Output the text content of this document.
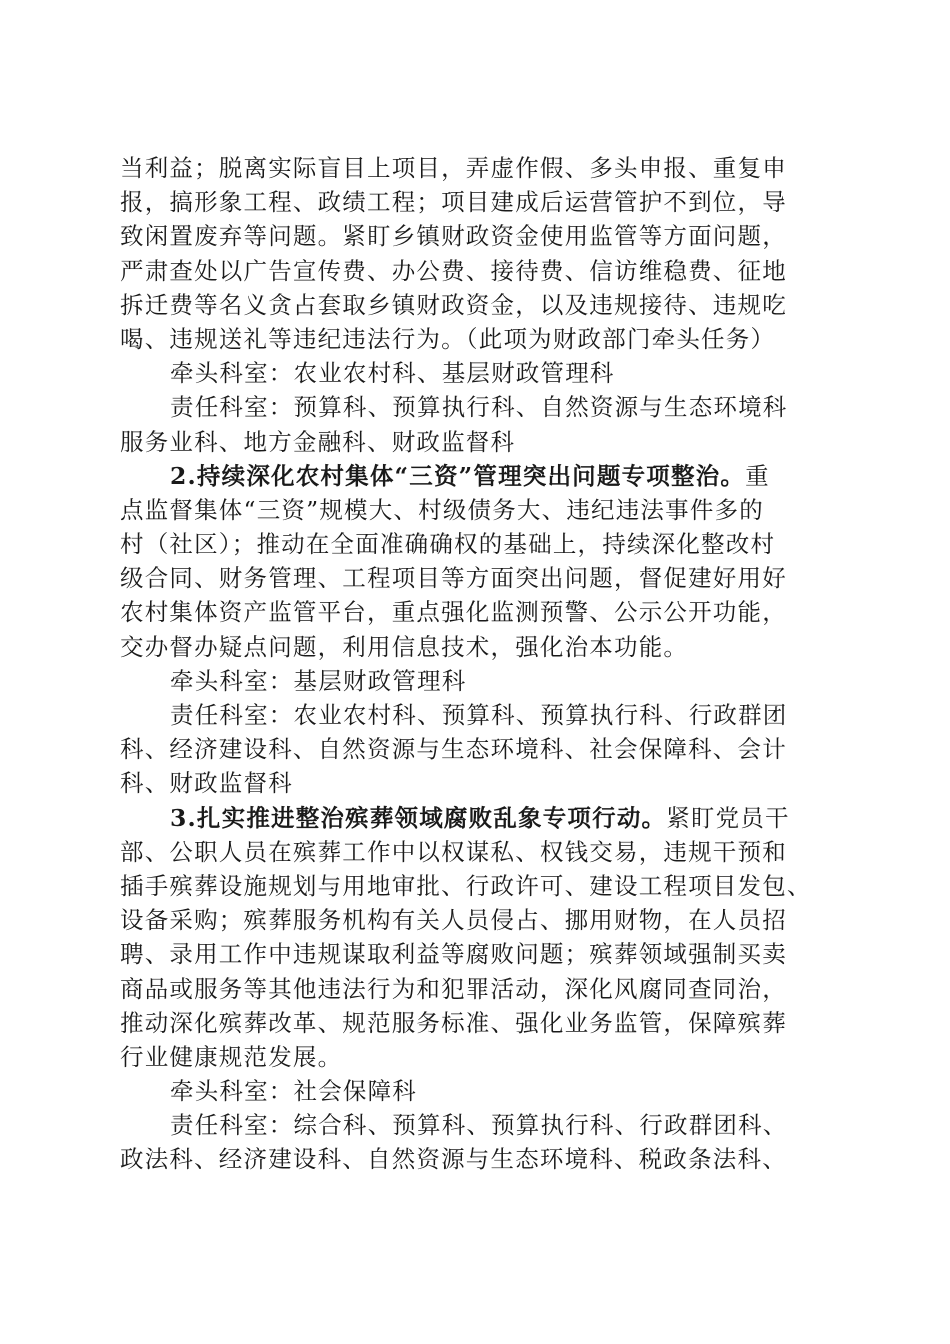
当利益；脱离实际盲目上项目，弄虚作假、多头申报、重复申
报，搞形象工程、政绩工程；项目建成后运营管护不到位，导
致闲置废弃等问题。紧盯乡镇财政资金使用监管等方面问题，
严肃查处以广告宣传费、办公费、接待费、信访维稳费、征地
拆迁费等名义贪占套取乡镇财政资金，以及违规接待、违规吃
喝、违规送礼等违纪违法行为。（此项为财政部门牵头任务）
牵头科室：农业农村科、基层财政管理科
责任科室：预算科、预算执行科、自然资源与生态环境科
服务业科、地方金融科、财政监督科
2.持续深化农村集体“三资”管理突出问题专项整治。重
点监督集体“三资”规模大、村级债务大、违纪违法事件多的
村（社区）；推动在全面准确确权的基础上，持续深化整改村
级合同、财务管理、工程项目等方面突出问题，督促建好用好
农村集体资产监管平台，重点强化监测预警、公示公开功能，
交办督办疑点问题，利用信息技术，强化治本功能。
牵头科室：基层财政管理科
责任科室：农业农村科、预算科、预算执行科、行政群团
科、经济建设科、自然资源与生态环境科、社会保障科、会计
科、财政监督科
3.扎实推进整治殡葬领域腐败乱象专项行动。紧盯党员干
部、公职人员在殡葬工作中以权谋私、权钱交易，违规干预和
插手殡葬设施规划与用地审批、行政许可、建设工程项目发包、
设备采购；殡葬服务机构有关人员侵占、挪用财物，在人员招
聘、录用工作中违规谋取利益等腐败问题；殡葬领域强制买卖
商品或服务等其他违法行为和犯罪活动，深化风腐同查同治，
推动深化殡葬改革、规范服务标准、强化业务监管，保障殡葬
行业健康规范发展。
牵头科室：社会保障科
责任科室：综合科、预算科、预算执行科、行政群团科、
政法科、经济建设科、自然资源与生态环境科、税政条法科、
